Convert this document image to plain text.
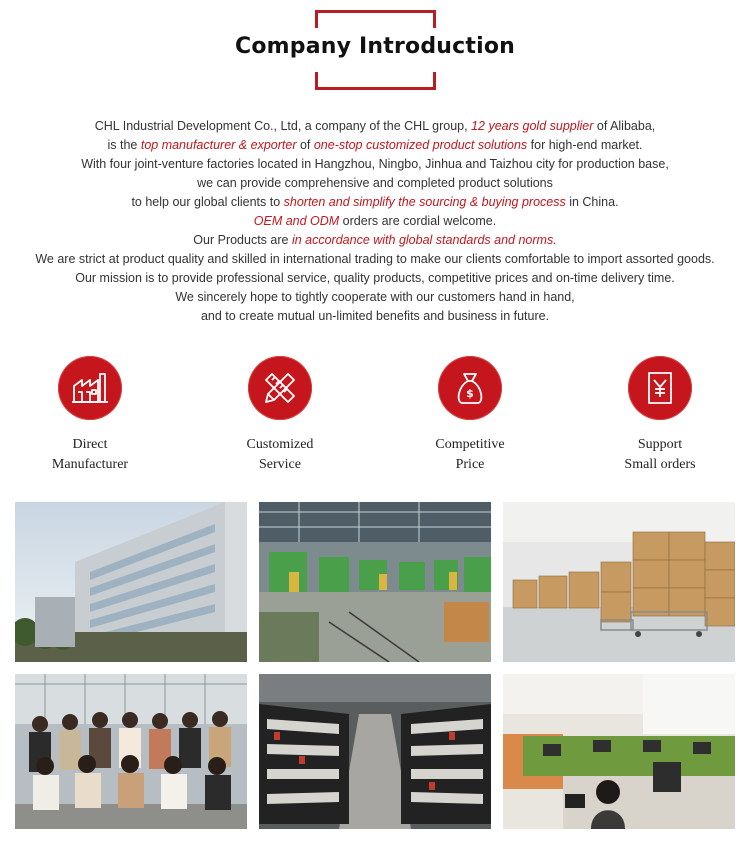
Company Introduction
CHL Industrial Development Co., Ltd, a company of the CHL group, 12 years gold supplier of Alibaba,
is the top manufacturer & exporter of one-stop customized product solutions for high-end market.
With four joint-venture factories located in Hangzhou, Ningbo, Jinhua and Taizhou city for production base,
we can provide comprehensive and completed product solutions
to help our global clients to shorten and simplify the sourcing & buying process in China.
OEM and ODM orders are cordial welcome.
Our Products are in accordance with global standards and norms.
We are strict at product quality and skilled in international trading to make our clients comfortable to import assorted goods.
Our mission is to provide professional service, quality products, competitive prices and on-time delivery time.
We sincerely hope to tightly cooperate with our customers hand in hand,
and to create mutual un-limited benefits and business in future.
Direct
Manufacturer
Customized
Service
$
Competitive
Price
Support
Small orders
